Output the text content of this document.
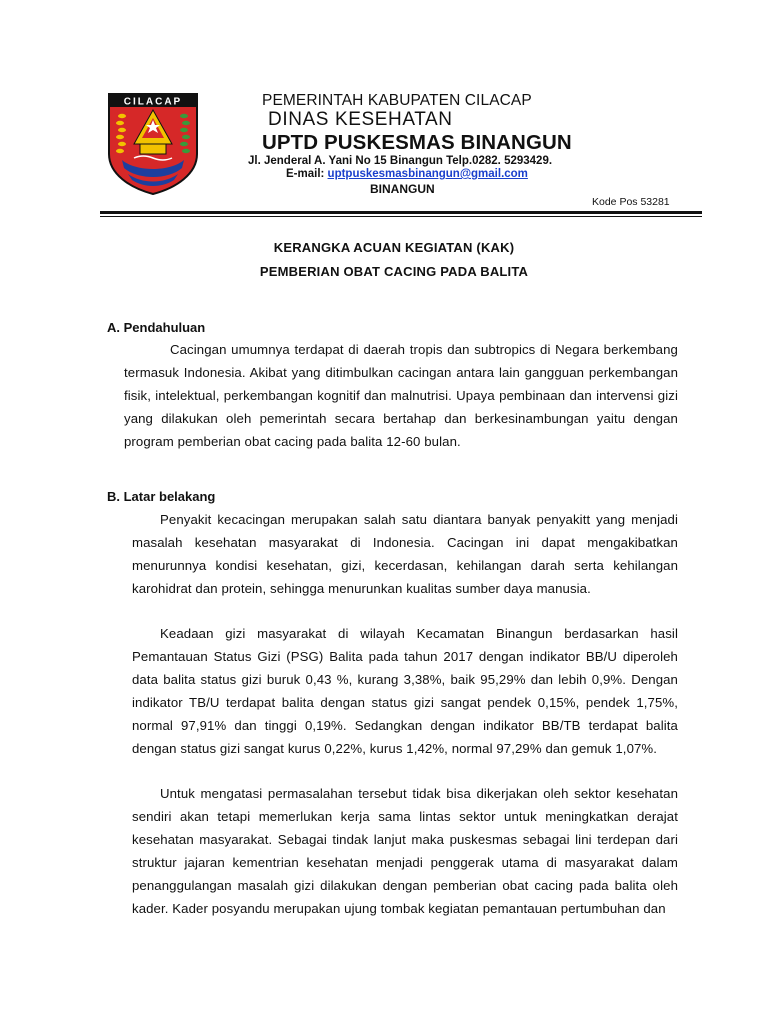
CILACAP	PEMERINTAH KABUPATEN CILACAP
DINAS KESEHATAN
UPTD PUSKESMAS BINANGUN
Jl. Jenderal A. Yani No 15 Binangun Telp.0282. 5293429.
E-mail: uptpuskesmasbinangun@gmail.com
BINANGUN
Kode Pos 53281
KERANGKA ACUAN KEGIATAN (KAK)
PEMBERIAN OBAT CACING PADA BALITA
A. Pendahuluan
Cacingan umumnya terdapat di daerah tropis dan subtropics di Negara berkembang termasuk Indonesia. Akibat yang ditimbulkan cacingan antara lain gangguan perkembangan fisik, intelektual, perkembangan kognitif dan malnutrisi. Upaya pembinaan dan intervensi gizi yang dilakukan oleh pemerintah secara bertahap dan berkesinambungan yaitu dengan program pemberian obat cacing pada balita 12-60 bulan.
B. Latar belakang
Penyakit kecacingan merupakan salah satu diantara banyak penyakitt yang menjadi masalah kesehatan masyarakat di Indonesia. Cacingan ini dapat mengakibatkan menurunnya kondisi kesehatan, gizi, kecerdasan, kehilangan darah serta kehilangan karohidrat dan protein, sehingga menurunkan kualitas sumber daya manusia.
Keadaan gizi masyarakat di wilayah Kecamatan Binangun berdasarkan hasil Pemantauan Status Gizi (PSG) Balita pada tahun 2017 dengan indikator BB/U diperoleh data balita status gizi buruk 0,43 %, kurang 3,38%, baik 95,29% dan lebih 0,9%. Dengan indikator TB/U terdapat balita dengan status gizi sangat pendek 0,15%, pendek 1,75%, normal 97,91% dan tinggi 0,19%. Sedangkan dengan indikator BB/TB terdapat balita dengan status gizi sangat kurus 0,22%, kurus 1,42%, normal 97,29% dan gemuk 1,07%.
Untuk mengatasi permasalahan tersebut tidak bisa dikerjakan oleh sektor kesehatan sendiri akan tetapi memerlukan kerja sama lintas sektor untuk meningkatkan derajat kesehatan masyarakat. Sebagai tindak lanjut maka puskesmas sebagai lini terdepan dari struktur jajaran kementrian kesehatan menjadi penggerak utama di masyarakat dalam penanggulangan masalah gizi dilakukan dengan pemberian obat cacing pada balita oleh kader. Kader posyandu merupakan ujung tombak kegiatan pemantauan pertumbuhan dan
